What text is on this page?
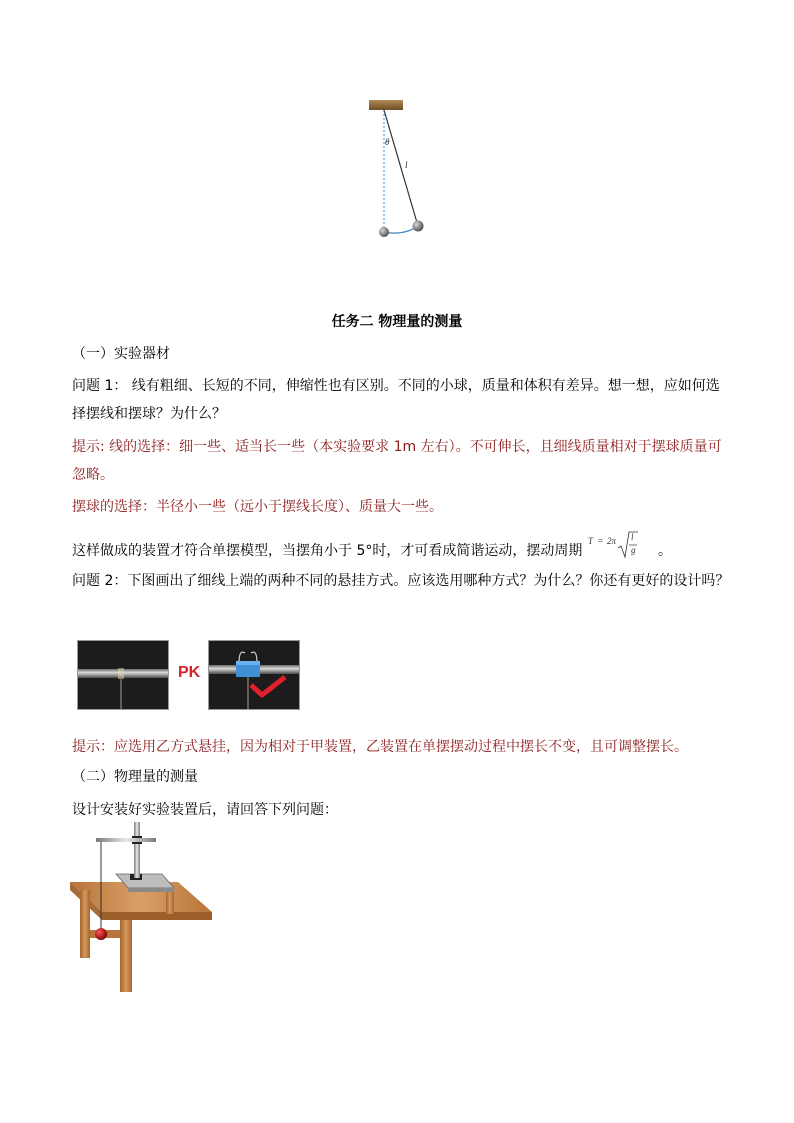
θ
l
任务二 物理量的测量
（一）实验器材
问题 1： 线有粗细、长短的不同，伸缩性也有区别。不同的小球，质量和体积有差异。想一想，应如何选
择摆线和摆球？为什么？
提示: 线的选择：细一些、适当长一些（本实验要求 1m 左右）。不可伸长，且细线质量相对于摆球质量可
忽略。
摆球的选择：半径小一些（远小于摆线长度）、质量大一些。
这样做成的装置才符合单摆模型，当摆角小于 5°时，才可看成简谐运动，摆动周期
T = 2π l
g 。
问题 2：下图画出了细线上端的两种不同的悬挂方式。应该选用哪种方式？为什么？你还有更好的设计吗？
PK
提示：应选用乙方式悬挂，因为相对于甲装置，乙装置在单摆摆动过程中摆长不变，且可调整摆长。
（二）物理量的测量
设计安装好实验装置后，请回答下列问题：
